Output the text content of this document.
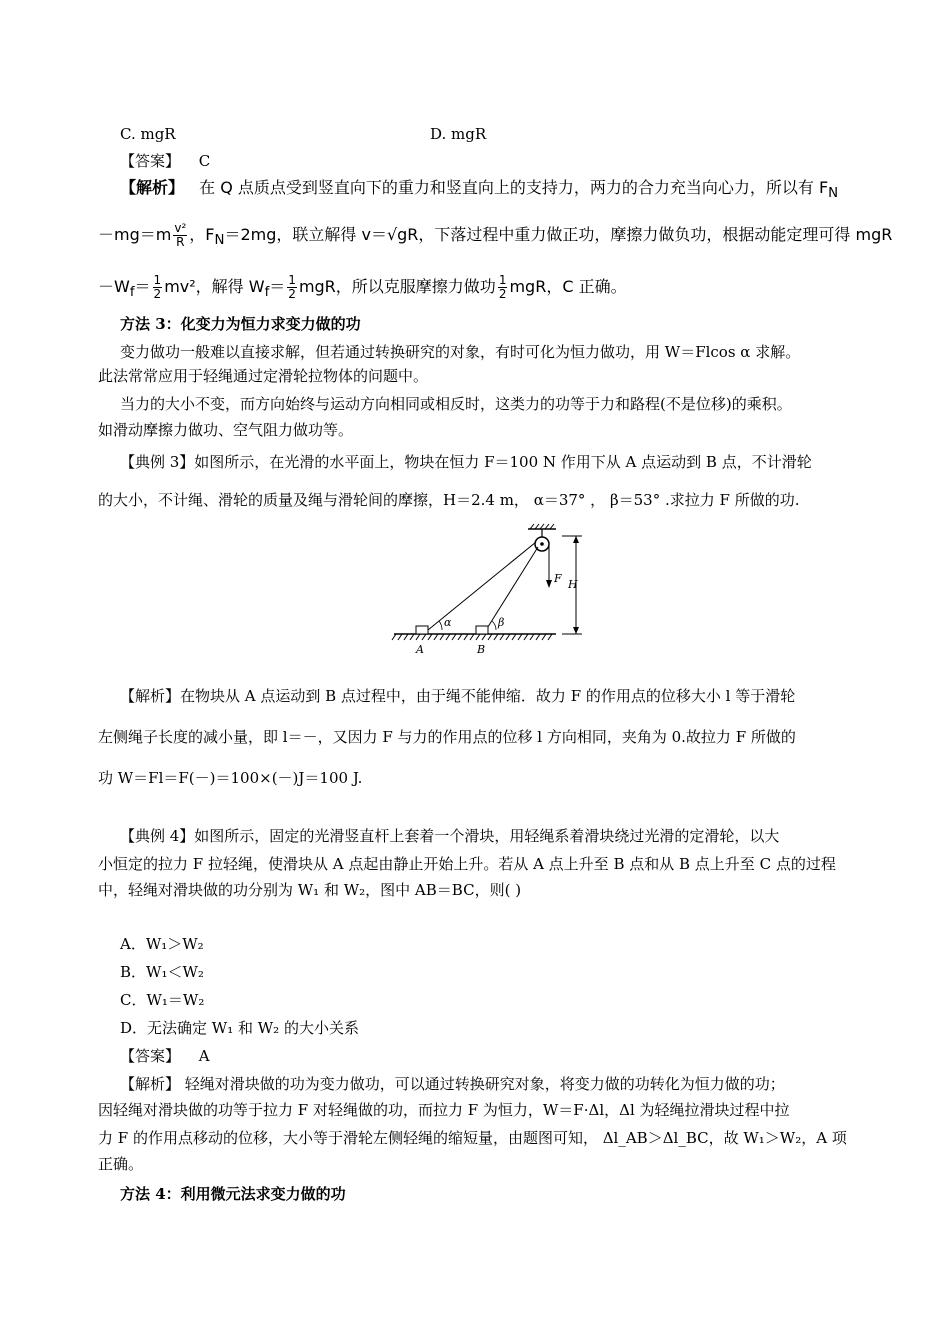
C. mgR	D. mgR
【答案】 C
【解析】 在 Q 点质点受到竖直向下的重力和竖直向上的支持力，两力的合力充当向心力，所以有 $F_N$
$-mg=m \frac{\text{v²}}{R}$ ，$F_N=2mg$，联立解得 v＝√gR，下落过程中重力做正功，摩擦力做负功，根据动能定理可得 mgR
$-W_f= \frac{1}{2} mv^2$，解得 $W_f= \frac{1}{2}$ mgR，所以克服摩擦力做功 $\frac{1}{2}$ mgR，C 正确。
方法 3：化变力为恒力求变力做的功
变力做功一般难以直接求解，但若通过转换研究的对象，有时可化为恒力做功，用 W＝Flcos α 求解。
此法常常应用于轻绳通过定滑轮拉物体的问题中。
当力的大小不变，而方向始终与运动方向相同或相反时，这类力的功等于力和路程(不是位移)的乘积。
如滑动摩擦力做功、空气阻力做功等。
【典例 3】如图所示，在光滑的水平面上，物块在恒力 F＝100 N 作用下从 A 点运动到 B 点，不计滑轮
的大小，不计绳、滑轮的质量及绳与滑轮间的摩擦，H＝2.4 m， α＝37° ， β＝53° .求拉力 F 所做的功.
F H
α	β
A	B
【解析】在物块从 A 点运动到 B 点过程中，由于绳不能伸缩．故力 F 的作用点的位移大小 l 等于滑轮
左侧绳子长度的减小量，即 l＝－，又因力 F 与力的作用点的位移 l 方向相同，夹角为 0.故拉力 F 所做的
功 W＝Fl＝F(－)＝100×(－)J＝100 J.
【典例 4】如图所示，固定的光滑竖直杆上套着一个滑块，用轻绳系着滑块绕过光滑的定滑轮，以大
小恒定的拉力 F 拉轻绳，使滑块从 A 点起由静止开始上升。若从 A 点上升至 B 点和从 B 点上升至 C 点的过程
中，轻绳对滑块做的功分别为 W₁ 和 W₂，图中 AB＝BC，则( )
A．W₁＞W₂
B．W₁＜W₂
C．W₁＝W₂
D．无法确定 W₁ 和 W₂ 的大小关系
【答案】 A
【解析】 轻绳对滑块做的功为变力做功，可以通过转换研究对象，将变力做的功转化为恒力做的功；
因轻绳对滑块做的功等于拉力 F 对轻绳做的功，而拉力 F 为恒力，W＝F·Δl，Δl 为轻绳拉滑块过程中拉
力 F 的作用点移动的位移，大小等于滑轮左侧轻绳的缩短量，由题图可知， Δl_AB＞Δl_BC，故 W₁＞W₂，A 项
正确。
方法 4：利用微元法求变力做的功
